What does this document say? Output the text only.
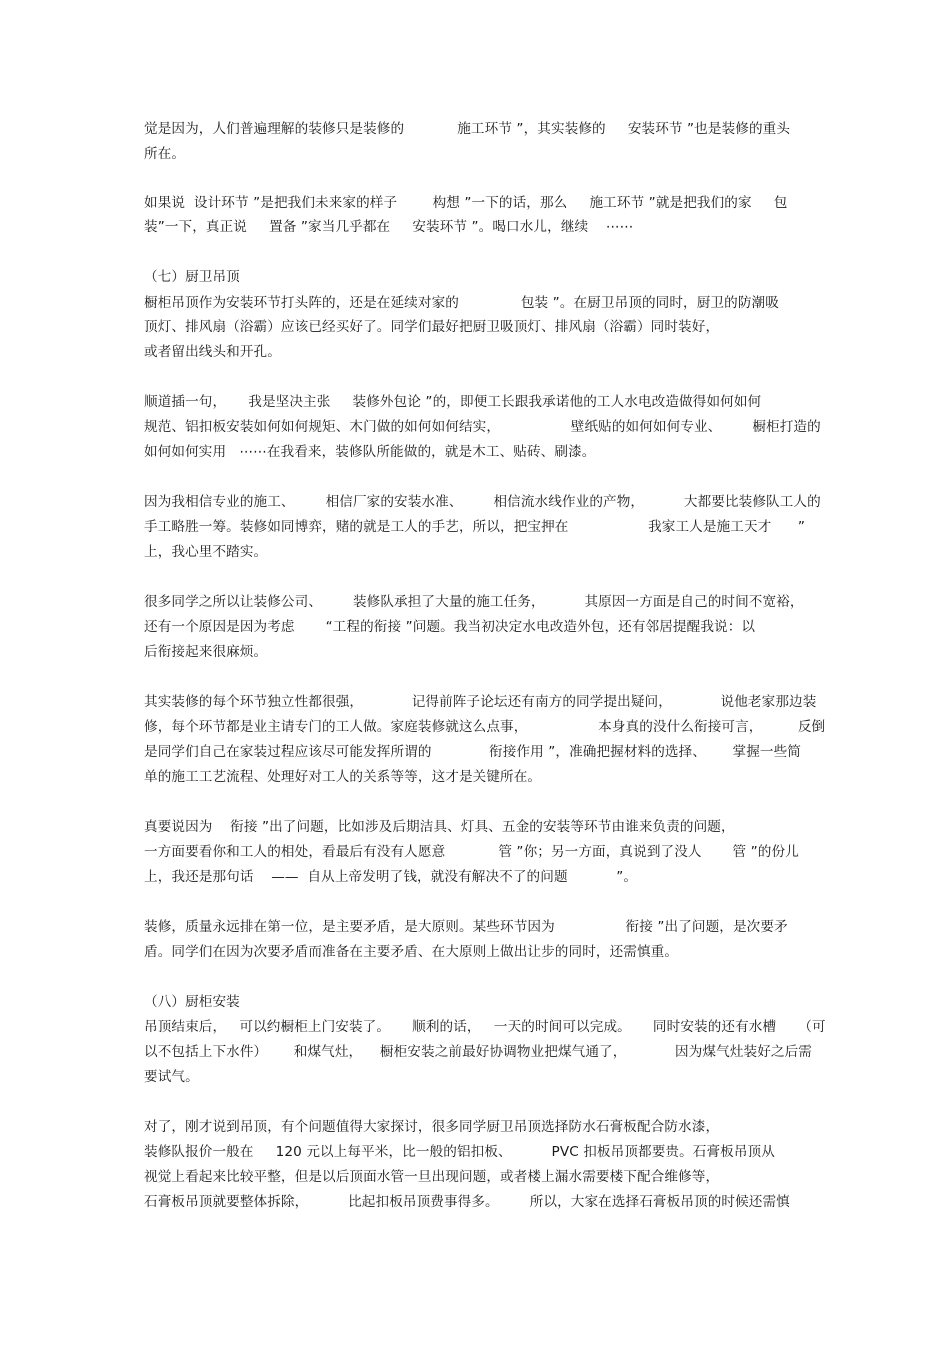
觉是因为，人们普遍理解的装修只是装修的            施工环节 ”，其实装修的     安装环节 ”也是装修的重头
所在。
如果说  设计环节 ”是把我们未来家的样子        构想 ”一下的话，那么     施工环节 ”就是把我们的家     包
装”一下，真正说     置备 ”家当几乎都在     安装环节 ”。喝口水儿，继续    ⋯⋯
（七）厨卫吊顶
橱柜吊顶作为安装环节打头阵的，还是在延续对家的              包装 ”。在厨卫吊顶的同时，厨卫的防潮吸
顶灯、排风扇（浴霸）应该已经买好了。同学们最好把厨卫吸顶灯、排风扇（浴霸）同时装好，
或者留出线头和开孔。
顺道插一句，     我是坚决主张     装修外包论 ”的，即便工长跟我承诺他的工人水电改造做得如何如何
规范、铝扣板安装如何如何规矩、木门做的如何如何结实，                壁纸贴的如何如何专业、       橱柜打造的
如何如何实用   ⋯⋯在我看来，装修队所能做的，就是木工、贴砖、刷漆。
因为我相信专业的施工、       相信厂家的安装水准、       相信流水线作业的产物，         大都要比装修队工人的
手工略胜一筹。装修如同博弈，赌的就是工人的手艺，所以，把宝押在                  我家工人是施工天才      ”
上，我心里不踏实。
很多同学之所以让装修公司、       装修队承担了大量的施工任务，         其原因一方面是自己的时间不宽裕，
还有一个原因是因为考虑       “工程的衔接 ”问题。我当初决定水电改造外包，还有邻居提醒我说：以
后衔接起来很麻烦。
其实装修的每个环节独立性都很强，           记得前阵子论坛还有南方的同学提出疑问，           说他老家那边装
修，每个环节都是业主请专门的工人做。家庭装修就这么点事，                本身真的没什么衔接可言，        反倒
是同学们自己在家装过程应该尽可能发挥所谓的             衔接作用 ”，准确把握材料的选择、      掌握一些简
单的施工工艺流程、处理好对工人的关系等等，这才是关键所在。
真要说因为    衔接 ”出了问题，比如涉及后期洁具、灯具、五金的安装等环节由谁来负责的问题，
一方面要看你和工人的相处，看最后有没有人愿意            管 ”你；另一方面，真说到了没人       管 ”的份儿
上，我还是那句话    ——  自从上帝发明了钱，就没有解决不了的问题           ”。
装修，质量永远排在第一位，是主要矛盾，是大原则。某些环节因为                衔接 ”出了问题，是次要矛
盾。同学们在因为次要矛盾而准备在主要矛盾、在大原则上做出让步的同时，还需慎重。
（八）厨柜安装
吊顶结束后，   可以约橱柜上门安装了。     顺利的话，   一天的时间可以完成。     同时安装的还有水槽     （可
以不包括上下水件）      和煤气灶，    橱柜安装之前最好协调物业把煤气通了，           因为煤气灶装好之后需
要试气。
对了，刚才说到吊顶，有个问题值得大家探讨，很多同学厨卫吊顶选择防水石膏板配合防水漆，
装修队报价一般在     120 元以上每平米，比一般的铝扣板、         PVC 扣板吊顶都要贵。石膏板吊顶从
视觉上看起来比较平整，但是以后顶面水管一旦出现问题，或者楼上漏水需要楼下配合维修等，
石膏板吊顶就要整体拆除，         比起扣板吊顶费事得多。       所以，大家在选择石膏板吊顶的时候还需慎
